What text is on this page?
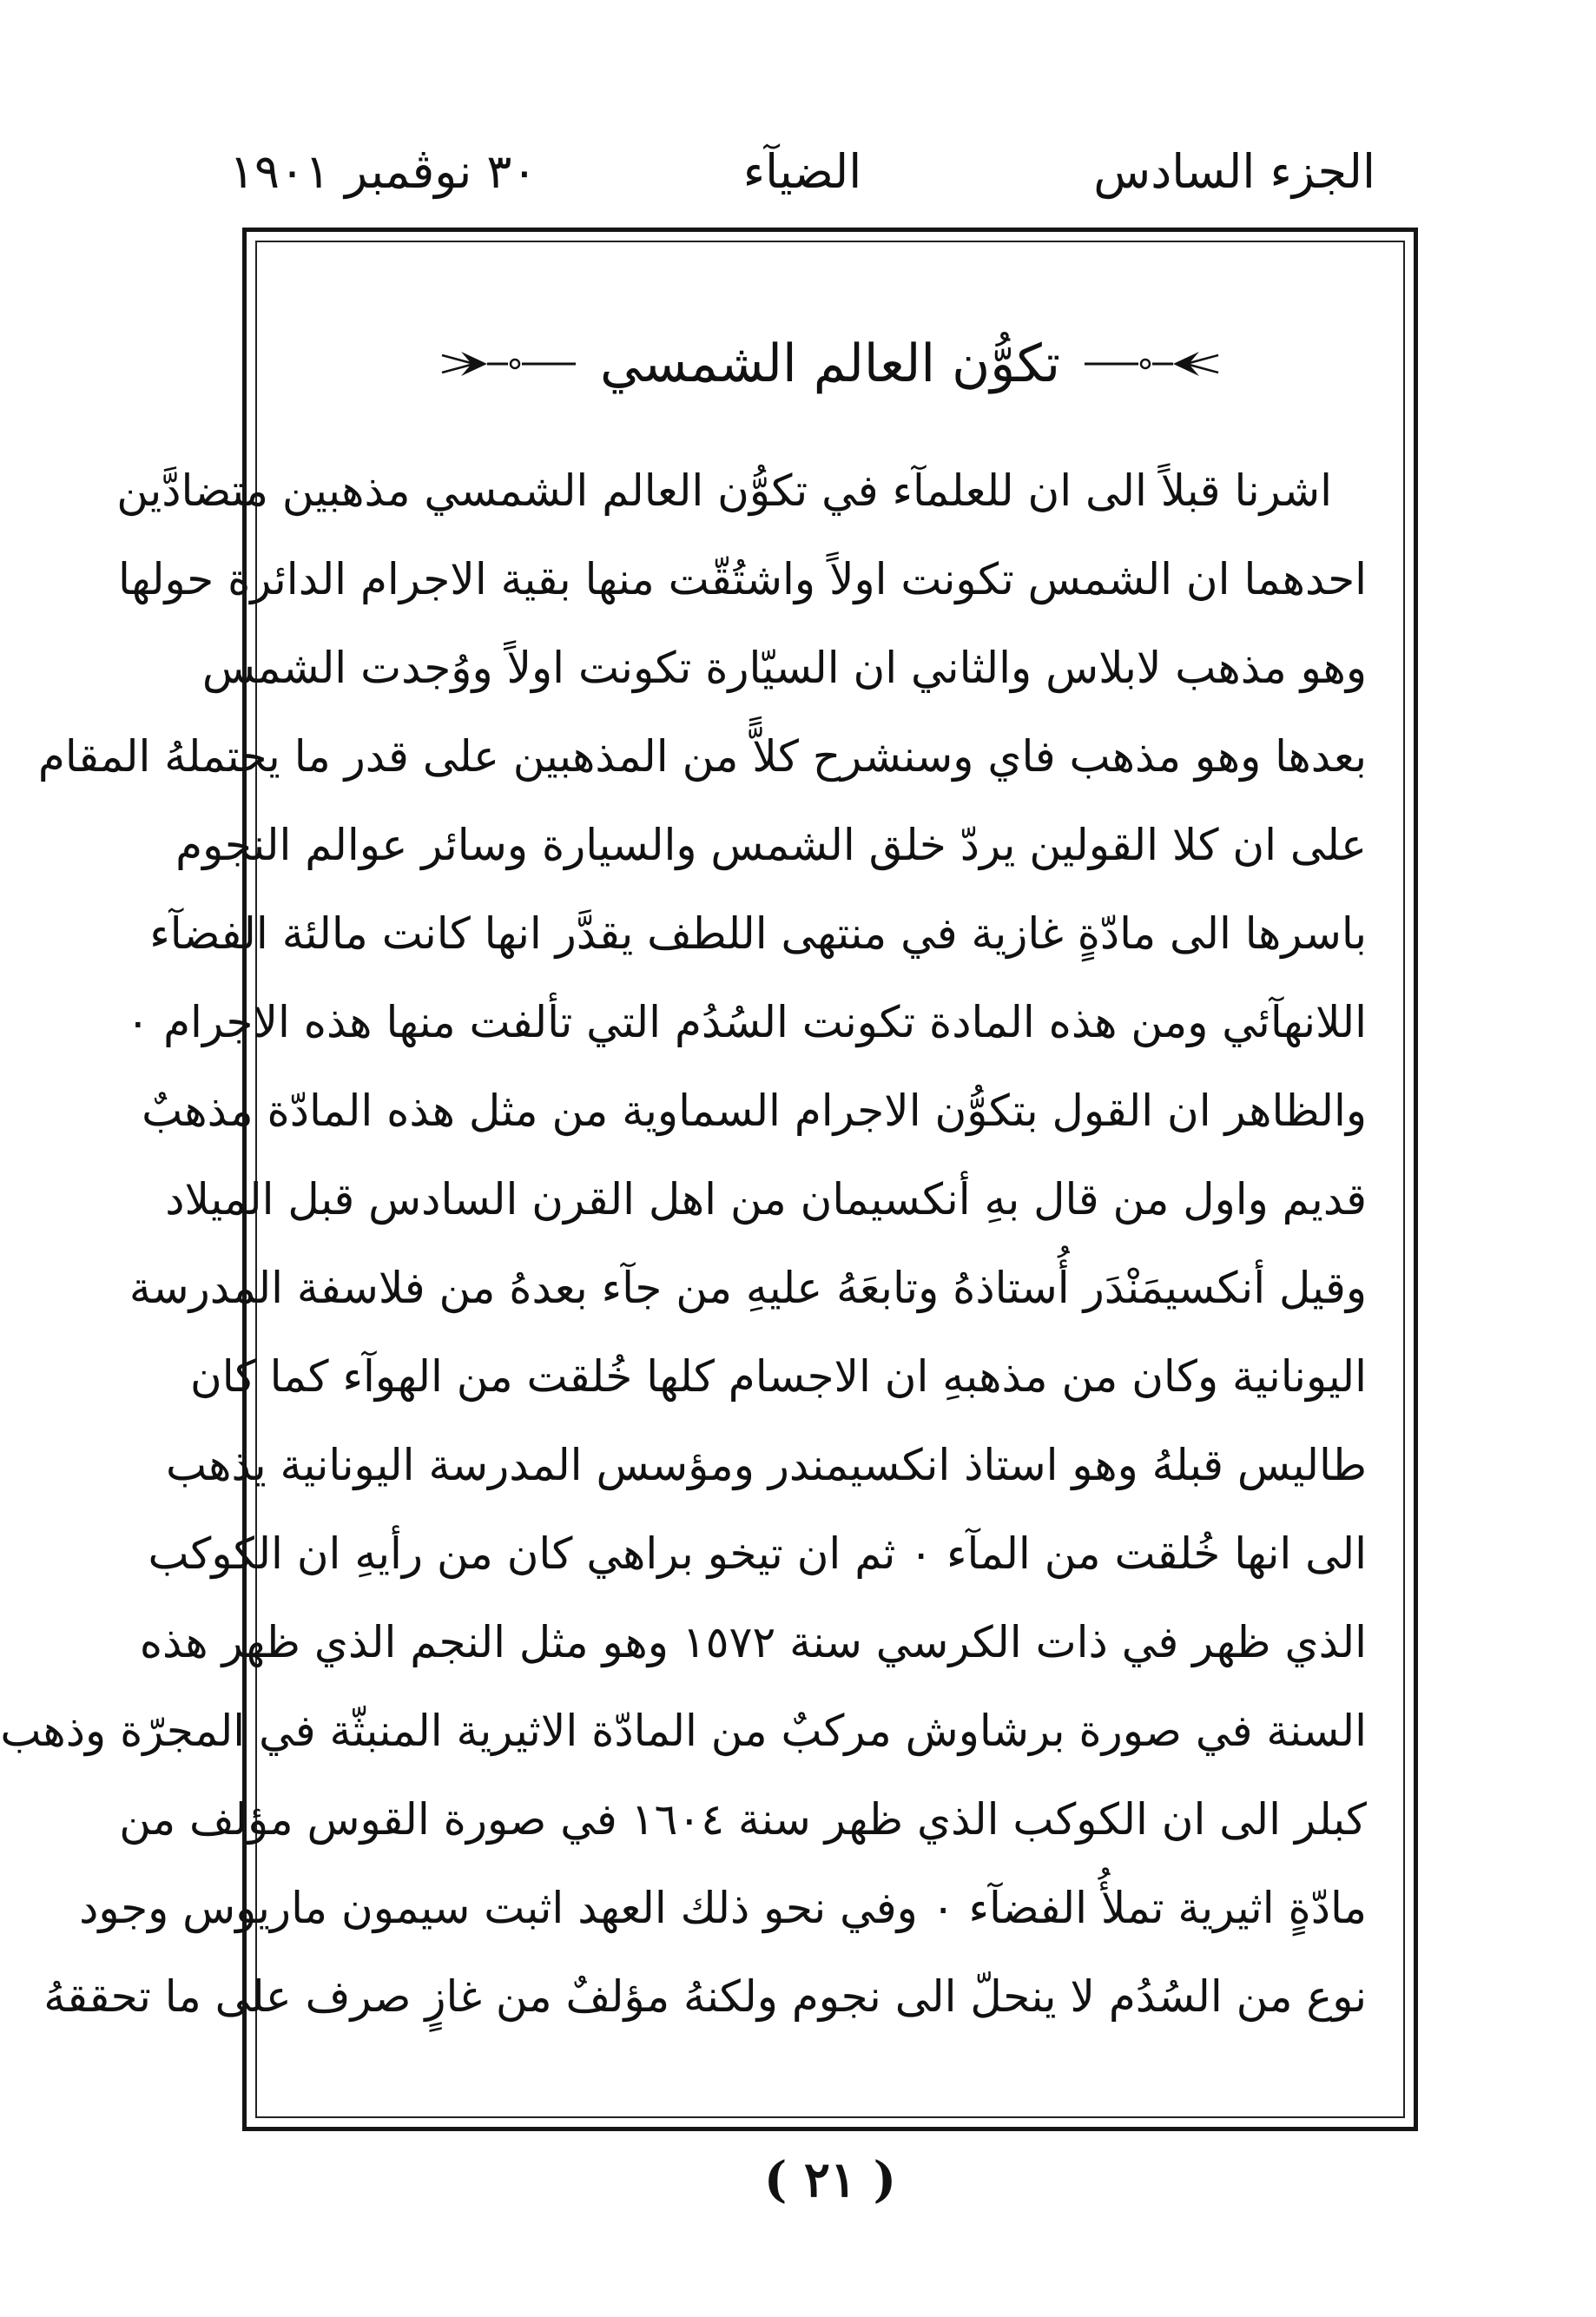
الجزء السادس
الضيآء
٣٠ نوڤمبر ١٩٠١
تكوُّن العالم الشمسي
اشرنا قبلاً الى ان للعلمآء في تكوُّن العالم الشمسي مذهبين متضادَّين
احدهما ان الشمس تكونت اولاً واشتُقّت منها بقية الاجرام الدائرة حولها
وهو مذهب لابلاس والثاني ان السيّارة تكونت اولاً ووُجدت الشمس
بعدها وهو مذهب فاي وسنشرح كلاًّ من المذهبين على قدر ما يحتملهُ المقام
على ان كلا القولين يردّ خلق الشمس والسيارة وسائر عوالم النجوم
باسرها الى مادّةٍ غازية في منتهى اللطف يقدَّر انها كانت مالئة الفضآء
اللانهآئي ومن هذه المادة تكونت السُدُم التي تألفت منها هذه الاجرام ٠
والظاهر ان القول بتكوُّن الاجرام السماوية من مثل هذه المادّة مذهبٌ
قديم واول من قال بهِ أنكسيمان من اهل القرن السادس قبل الميلاد
وقيل أنكسيمَنْدَر أُستاذهُ وتابعَهُ عليهِ من جآء بعدهُ من فلاسفة المدرسة
اليونانية وكان من مذهبهِ ان الاجسام كلها خُلقت من الهوآء كما كان
طاليس قبلهُ وهو استاذ انكسيمندر ومؤسس المدرسة اليونانية يذهب
الى انها خُلقت من المآء ٠ ثم ان تيخو براهي كان من رأيهِ ان الكوكب
الذي ظهر في ذات الكرسي سنة ١٥٧٢ وهو مثل النجم الذي ظهر هذه
السنة في صورة برشاوش مركبٌ من المادّة الاثيرية المنبثّة في المجرّة وذهب
كبلر الى ان الكوكب الذي ظهر سنة ١٦٠٤ في صورة القوس مؤلف من
مادّةٍ اثيرية تملأُ الفضآء ٠ وفي نحو ذلك العهد اثبت سيمون ماريوس وجود
نوع من السُدُم لا ينحلّ الى نجوم ولكنهُ مؤلفٌ من غازٍ صرف على ما تحققهُ
( ٢١ )
